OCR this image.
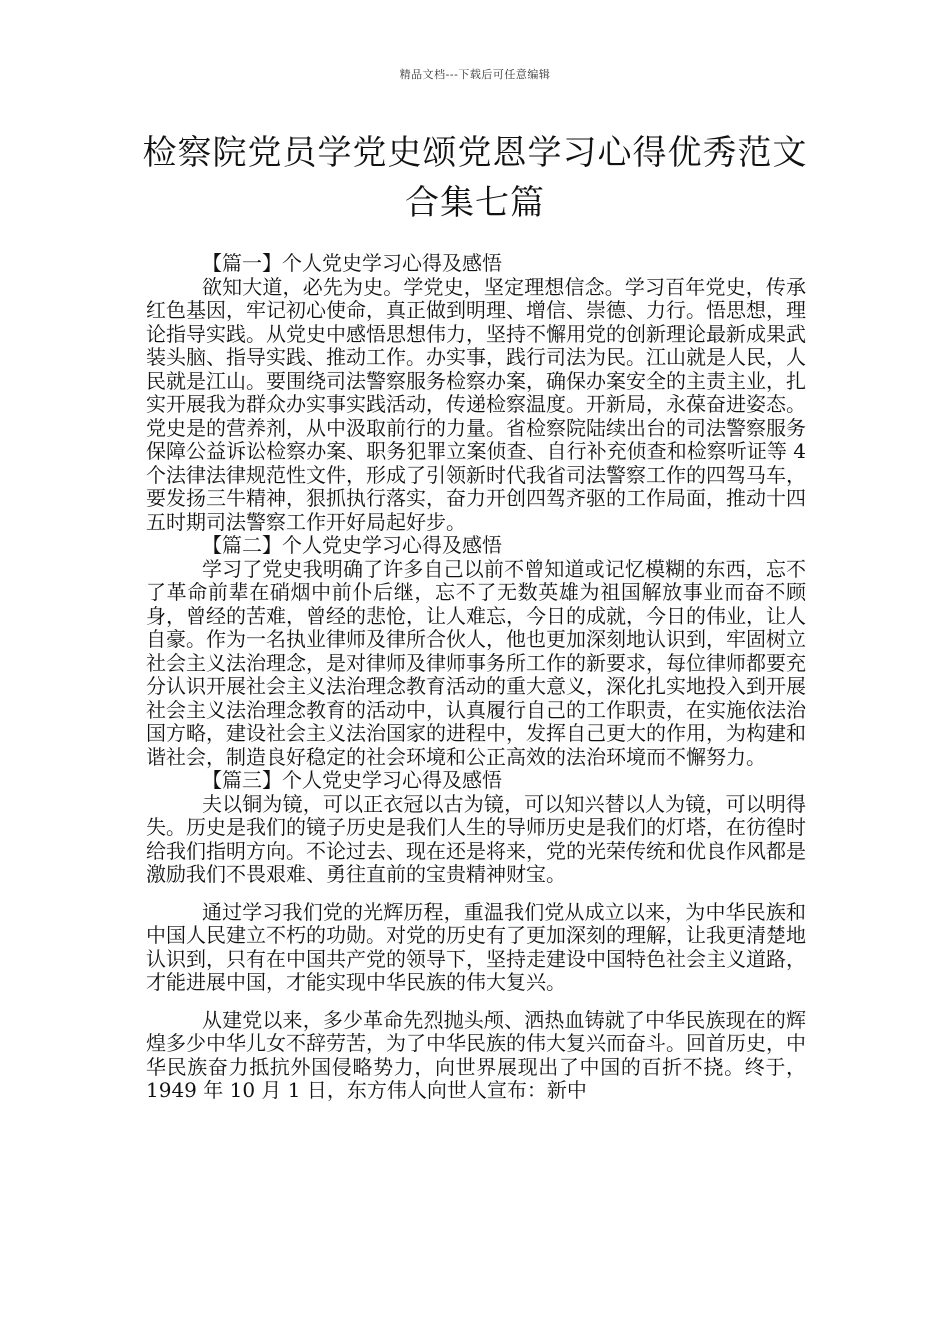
精品文档---下载后可任意编辑
检察院党员学党史颂党恩学习心得优秀范文合集七篇

【篇一】个人党史学习心得及感悟

欲知大道，必先为史。学党史，坚定理想信念。学习百年党史，传承红色基因，牢记初心使命，真正做到明理、增信、崇德、力行。悟思想，理论指导实践。从党史中感悟思想伟力，坚持不懈用党的创新理论最新成果武装头脑、指导实践、推动工作。办实事，践行司法为民。江山就是人民，人民就是江山。要围绕司法警察服务检察办案，确保办案安全的主责主业，扎实开展我为群众办实事实践活动，传递检察温度。开新局，永葆奋进姿态。党史是的营养剂，从中汲取前行的力量。省检察院陆续出台的司法警察服务保障公益诉讼检察办案、职务犯罪立案侦查、自行补充侦查和检察听证等 4 个法律法律规范性文件，形成了引领新时代我省司法警察工作的四驾马车，要发扬三牛精神，狠抓执行落实，奋力开创四驾齐驱的工作局面，推动十四五时期司法警察工作开好局起好步。

【篇二】个人党史学习心得及感悟

学习了党史我明确了许多自己以前不曾知道或记忆模糊的东西，忘不了革命前辈在硝烟中前仆后继，忘不了无数英雄为祖国解放事业而奋不顾身，曾经的苦难，曾经的悲怆，让人难忘，今日的成就，今日的伟业，让人自豪。作为一名执业律师及律所合伙人，他也更加深刻地认识到，牢固树立社会主义法治理念，是对律师及律师事务所工作的新要求，每位律师都要充分认识开展社会主义法治理念教育活动的重大意义，深化扎实地投入到开展社会主义法治理念教育的活动中，认真履行自己的工作职责，在实施依法治国方略，建设社会主义法治国家的进程中，发挥自己更大的作用，为构建和谐社会，制造良好稳定的社会环境和公正高效的法治环境而不懈努力。

【篇三】个人党史学习心得及感悟

夫以铜为镜，可以正衣冠以古为镜，可以知兴替以人为镜，可以明得失。历史是我们的镜子历史是我们人生的导师历史是我们的灯塔，在彷徨时给我们指明方向。不论过去、现在还是将来，党的光荣传统和优良作风都是激励我们不畏艰难、勇往直前的宝贵精神财宝。

通过学习我们党的光辉历程，重温我们党从成立以来，为中华民族和中国人民建立不朽的功勋。对党的历史有了更加深刻的理解，让我更清楚地认识到，只有在中国共产党的领导下，坚持走建设中国特色社会主义道路，才能进展中国，才能实现中华民族的伟大复兴。

从建党以来，多少革命先烈抛头颅、洒热血铸就了中华民族现在的辉煌多少中华儿女不辞劳苦，为了中华民族的伟大复兴而奋斗。回首历史，中华民族奋力抵抗外国侵略势力，向世界展现出了中国的百折不挠。终于，1949 年 10 月 1 日，东方伟人向世人宣布：新中
